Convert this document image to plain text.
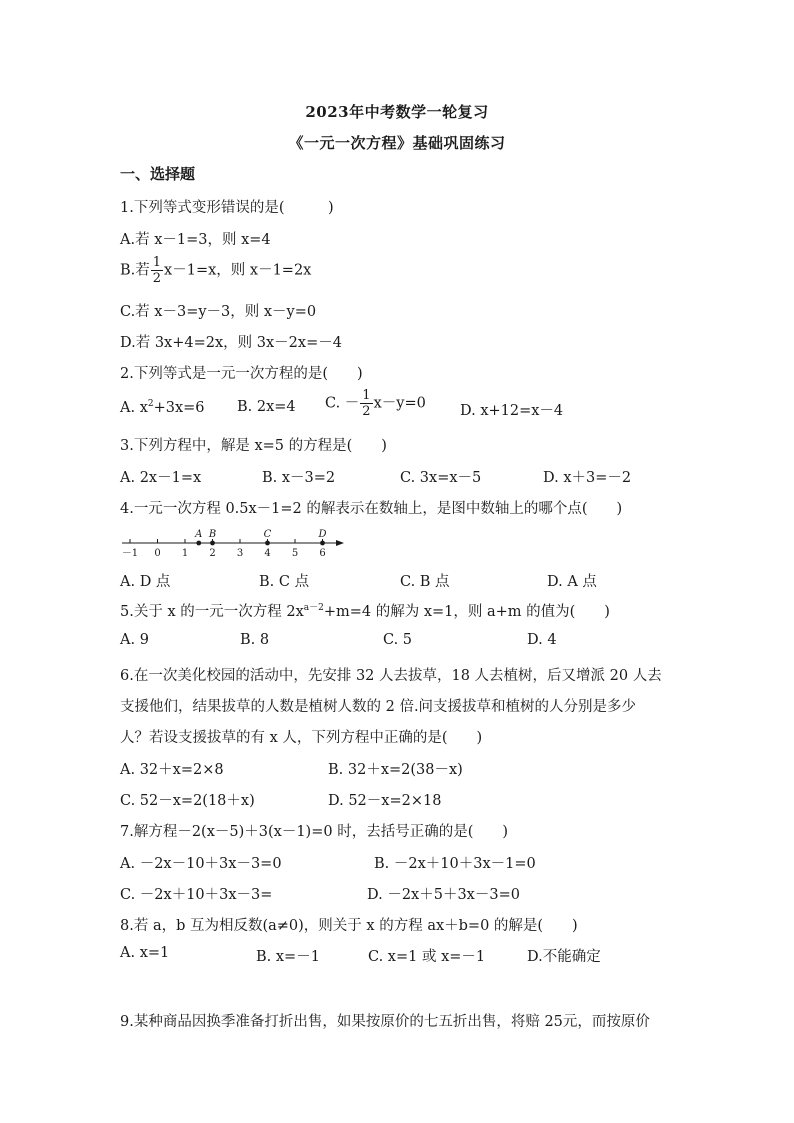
2023年中考数学一轮复习
《一元一次方程》基础巩固练习
一、选择题
1.下列等式变形错误的是(　　　)
A.若 x－1=3，则 x=4
B.若 $\frac{1}{2} x-1=x$，则 x－1=2x
C.若 x－3=y－3，则 x－y=0
D.若 3x+4=2x，则 3x－2x=－4
2.下列等式是一元一次方程的是(　　)
A. $x^2+3x=6$ B. 2x=4 C. － $\frac{1}{2} x-y=0$ D. x+12=x－4
3.下列方程中，解是 x=5 的方程是(　　)
A. 2x－1=x	B. x－3=2	C. 3x=x－5	D. x＋3=－2
4.一元一次方程 0.5x－1=2 的解表示在数轴上，是图中数轴上的哪个点(　　)
－1 0 1 2 3 4 5 6
A B	C	D
A. D 点	B. C 点	C. B 点	D. A 点
5.关于 x 的一元一次方程 $2x^{a-2}+m=4$ 的解为 x=1，则 a+m 的值为(　　)
A. 9	B. 8	C. 5	D. 4
6.在一次美化校园的活动中，先安排 32 人去拔草，18 人去植树，后又增派 20 人去
支援他们，结果拔草的人数是植树人数的 2 倍.问支援拔草和植树的人分别是多少
人？若设支援拔草的有 x 人，下列方程中正确的是(　　)
A. 32＋x=2×8	B. 32＋x=2(38－x)
C. 52－x=2(18＋x)	D. 52－x=2×18
7.解方程－2(x－5)＋3(x－1)=0 时，去括号正确的是(　　)
A. －2x－10＋3x－3=0	B. －2x＋10＋3x－1=0
C. －2x＋10＋3x－3=	D. －2x＋5＋3x－3=0
8.若 a，b 互为相反数(a≠0)，则关于 x 的方程 ax＋b=0 的解是(　　)
A. x=1	B. x=－1	C. x=1 或 x=－1	D.不能确定
9.某种商品因换季准备打折出售，如果按原价的七五折出售，将赔 25元，而按原价
